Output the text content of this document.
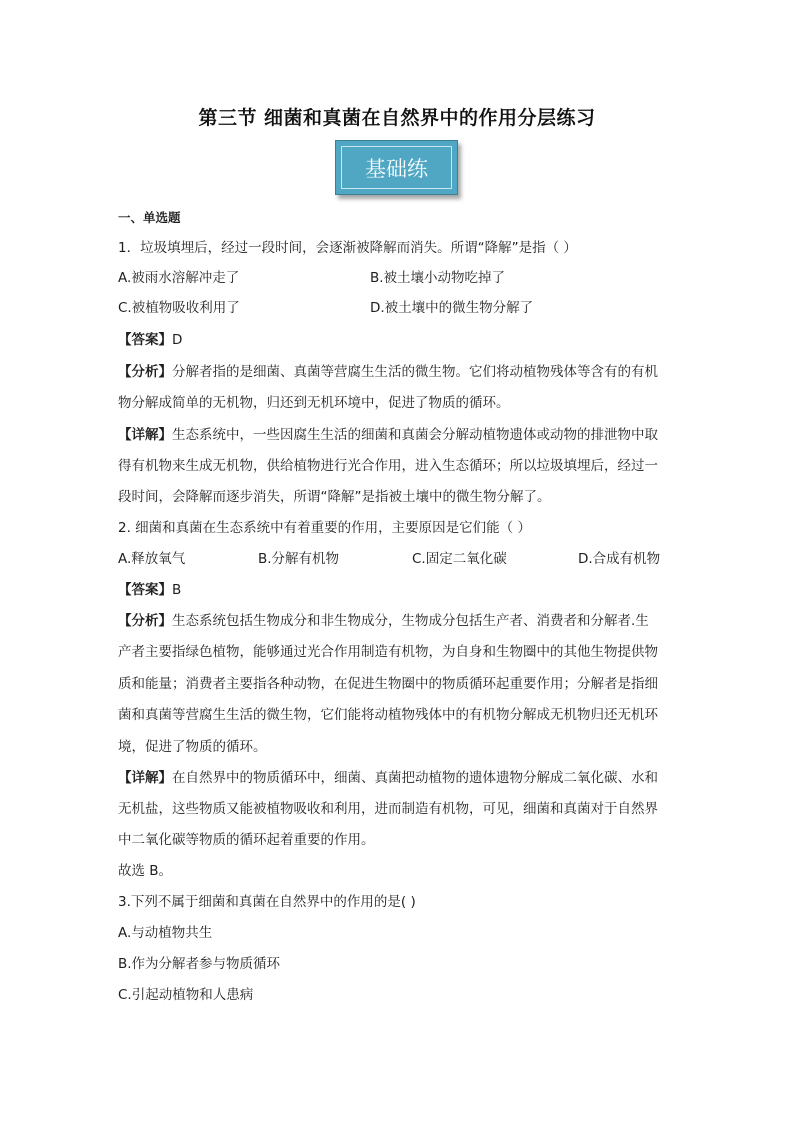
第三节 细菌和真菌在自然界中的作用分层练习
基础练
一、单选题
1．垃圾填埋后，经过一段时间，会逐渐被降解而消失。所谓“降解”是指（ ）
A.被雨水溶解冲走了	B.被土壤小动物吃掉了
C.被植物吸收利用了	D.被土壤中的微生物分解了
【答案】D
【分析】分解者指的是细菌、真菌等营腐生生活的微生物。它们将动植物残体等含有的有机
物分解成简单的无机物，归还到无机环境中，促进了物质的循环。
【详解】生态系统中，一些因腐生生活的细菌和真菌会分解动植物遗体或动物的排泄物中取
得有机物来生成无机物，供给植物进行光合作用，进入生态循环；所以垃圾填埋后，经过一
段时间，会降解而逐步消失，所谓“降解”是指被土壤中的微生物分解了。
2. 细菌和真菌在生态系统中有着重要的作用，主要原因是它们能（ ）
A.释放氧气	B.分解有机物	C.固定二氧化碳	D.合成有机物
【答案】B
【分析】生态系统包括生物成分和非生物成分，生物成分包括生产者、消费者和分解者.生
产者主要指绿色植物，能够通过光合作用制造有机物，为自身和生物圈中的其他生物提供物
质和能量；消费者主要指各种动物，在促进生物圈中的物质循环起重要作用；分解者是指细
菌和真菌等营腐生生活的微生物，它们能将动植物残体中的有机物分解成无机物归还无机环
境，促进了物质的循环。
【详解】在自然界中的物质循环中，细菌、真菌把动植物的遗体遗物分解成二氧化碳、水和
无机盐，这些物质又能被植物吸收和利用，进而制造有机物，可见，细菌和真菌对于自然界
中二氧化碳等物质的循环起着重要的作用。
故选 B。
3.下列不属于细菌和真菌在自然界中的作用的是( )
A.与动植物共生
B.作为分解者参与物质循环
C.引起动植物和人患病
